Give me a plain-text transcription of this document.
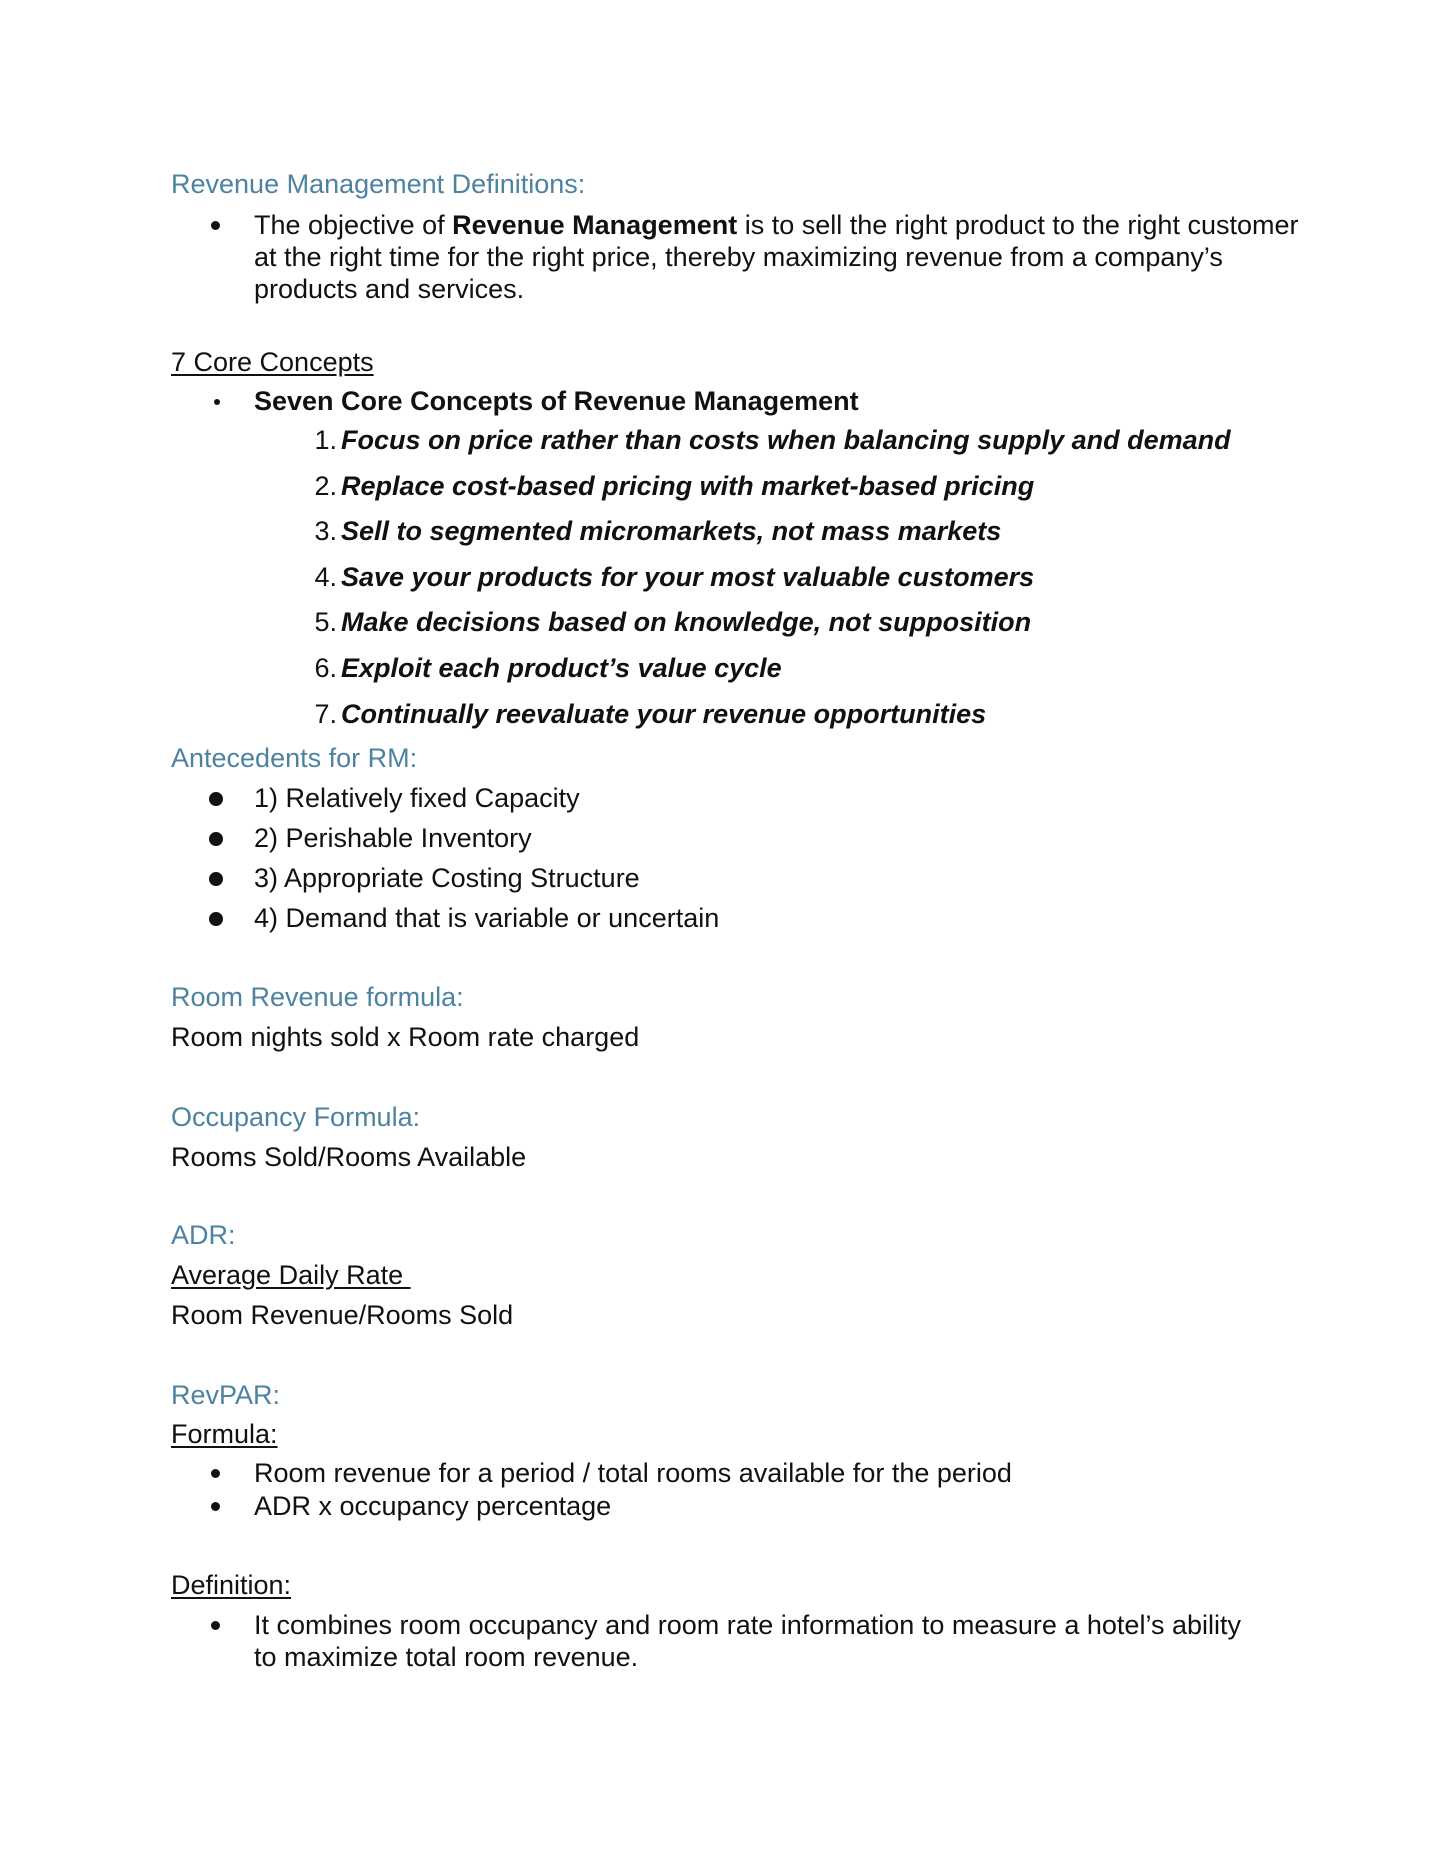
Revenue Management Definitions:
The objective of Revenue Management is to sell the right product to the right customer at the right time for the right price, thereby maximizing revenue from a company’s products and services.
7 Core Concepts
Seven Core Concepts of Revenue Management
1. Focus on price rather than costs when balancing supply and demand
2. Replace cost-based pricing with market-based pricing
3. Sell to segmented micromarkets, not mass markets
4. Save your products for your most valuable customers
5. Make decisions based on knowledge, not supposition
6. Exploit each product’s value cycle
7. Continually reevaluate your revenue opportunities
Antecedents for RM:
1) Relatively fixed Capacity
2) Perishable Inventory
3) Appropriate Costing Structure
4) Demand that is variable or uncertain
Room Revenue formula:
Room nights sold x Room rate charged
Occupancy Formula:
Rooms Sold/Rooms Available
ADR:
Average Daily Rate
Room Revenue/Rooms Sold
RevPAR:
Formula:
Room revenue for a period / total rooms available for the period
ADR x occupancy percentage
Definition:
It combines room occupancy and room rate information to measure a hotel’s ability to maximize total room revenue.
